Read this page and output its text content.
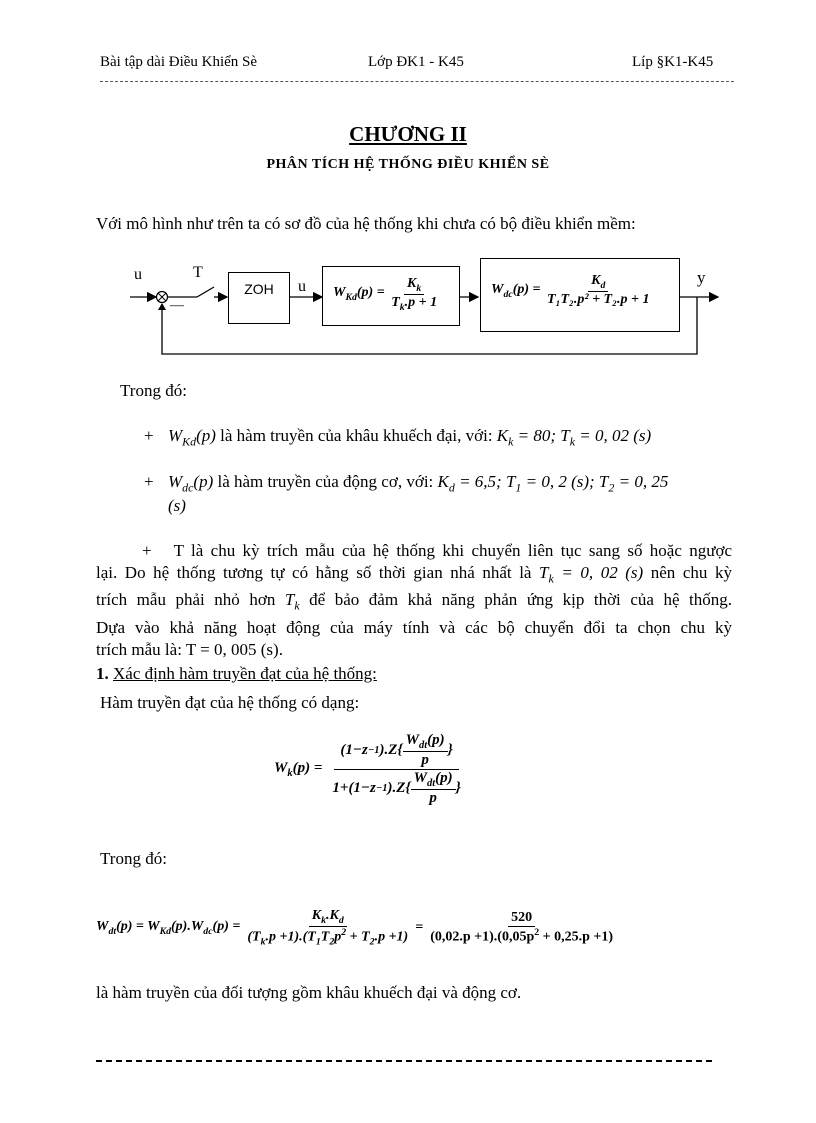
Bài tập dài Điều Khiển Sè	Lớp ĐK1 - K45	Líp §K1-K45
CHƯƠNG II
PHÂN TÍCH HỆ THỐNG ĐIỀU KHIỂN SÈ
Với mô hình như trên ta có sơ đồ của hệ thống khi chưa có bộ điều khiển mềm:
u	T
—
ZOH	u $W_{Kd}(p) = \frac{K_k}{T_k.p + 1}$	$W_{dc}(p) = \frac{K_d}{\text{T₁T₂.p² + T₂.p + 1}}$	y
Trong đó:
+ $W_{Kd}(p)$ là hàm truyền của khâu khuếch đại, với: $K_k = 80$; $T_k = 0$, 02 (s)
+ $W_{dc}(p)$ là hàm truyền của động cơ, với: $K_d = 6,5$; $T_1 = 0$, 2 (s); $T_2 = 0$, 25
(s)
+ T là chu kỳ trích mẫu của hệ thống khi chuyển liên tục sang số hoặc ngược
lại. Do hệ thống tương tự có hằng số thời gian nhá nhất là $T_k = 0$, 02 (s) nên chu kỳ
trích mẫu phải nhỏ hơn $T_k$ để bảo đảm khả năng phản ứng kịp thời của hệ thống.
Dựa vào khả năng hoạt động của máy tính và các bộ chuyển đổi ta chọn chu kỳ
trích mẫu là: T = 0, 005 (s).
1. Xác định hàm truyền đạt của hệ thống:
Hàm truyền đạt của hệ thống có dạng:
$W_k(p) = \frac{(1-z -1 ).Z\{ \frac{W_{dt}(p)}{p} \}}{1+(1-z -1 ).Z\{ \frac{W_{dt}(p)}{p} \}}$
Trong đó:
$W_{dt}(p) = W_{Kd}(p).W_{dc}(p) = \frac{K_k.K_d}{(T_k.p +1).(T_1T_2p^2 + T_2.p +1)} = \frac{520}{(0,02.p +1).(0,05p^2 + 0,25.p +1)}$
là hàm truyền của đối tượng gồm khâu khuếch đại và động cơ.
